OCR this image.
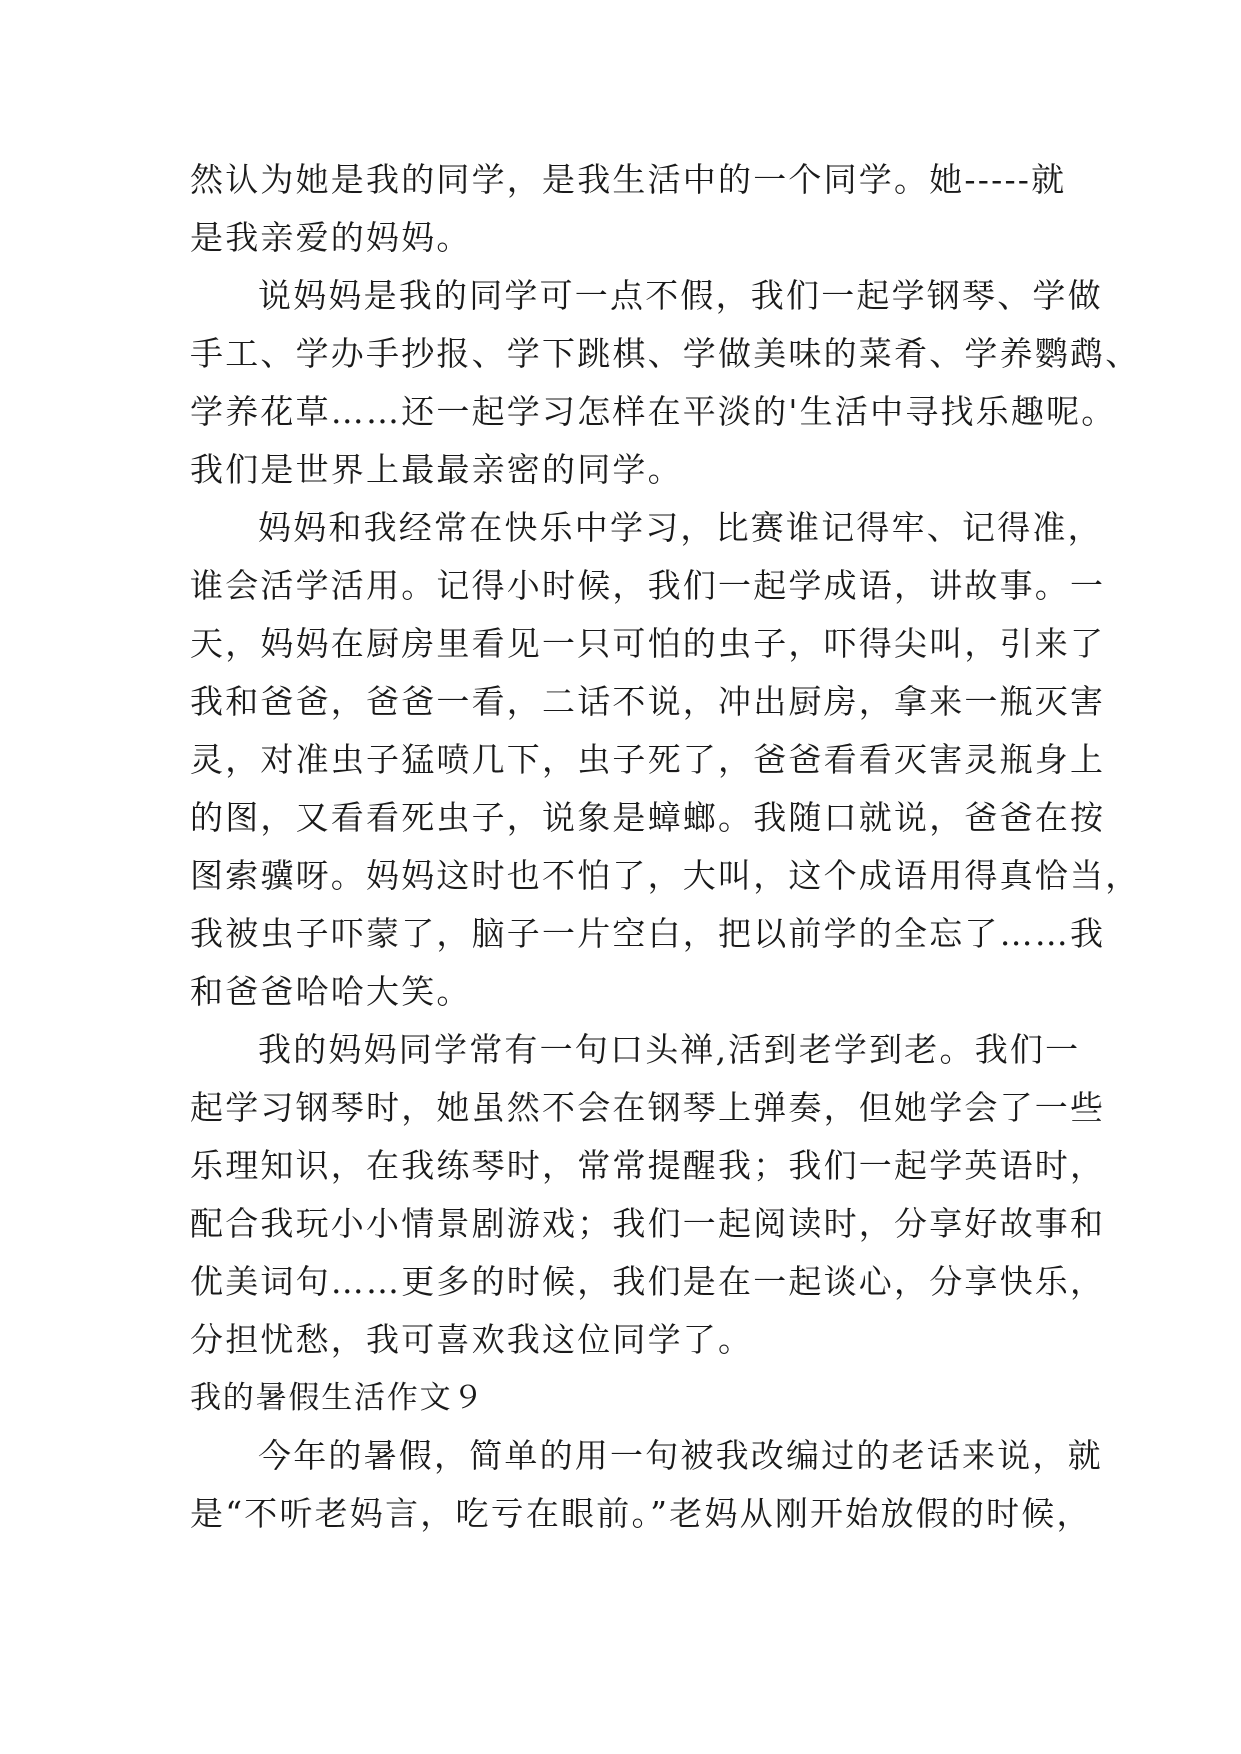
然认为她是我的同学，是我生活中的一个同学。她-----就
是我亲爱的妈妈。
说妈妈是我的同学可一点不假，我们一起学钢琴、学做
手工、学办手抄报、学下跳棋、学做美味的菜肴、学养鹦鹉、
学养花草……还一起学习怎样在平淡的'生活中寻找乐趣呢。
我们是世界上最最亲密的同学。
妈妈和我经常在快乐中学习，比赛谁记得牢、记得准，
谁会活学活用。记得小时候，我们一起学成语，讲故事。一
天，妈妈在厨房里看见一只可怕的虫子，吓得尖叫，引来了
我和爸爸，爸爸一看，二话不说，冲出厨房，拿来一瓶灭害
灵，对准虫子猛喷几下，虫子死了，爸爸看看灭害灵瓶身上
的图，又看看死虫子，说象是蟑螂。我随口就说，爸爸在按
图索骥呀。妈妈这时也不怕了，大叫，这个成语用得真恰当，
我被虫子吓蒙了，脑子一片空白，把以前学的全忘了……我
和爸爸哈哈大笑。
我的妈妈同学常有一句口头禅,活到老学到老。我们一
起学习钢琴时，她虽然不会在钢琴上弹奏，但她学会了一些
乐理知识，在我练琴时，常常提醒我；我们一起学英语时，
配合我玩小小情景剧游戏；我们一起阅读时，分享好故事和
优美词句……更多的时候，我们是在一起谈心，分享快乐，
分担忧愁，我可喜欢我这位同学了。
我的暑假生活作文９
今年的暑假，简单的用一句被我改编过的老话来说，就
是“不听老妈言，吃亏在眼前。”老妈从刚开始放假的时候，
